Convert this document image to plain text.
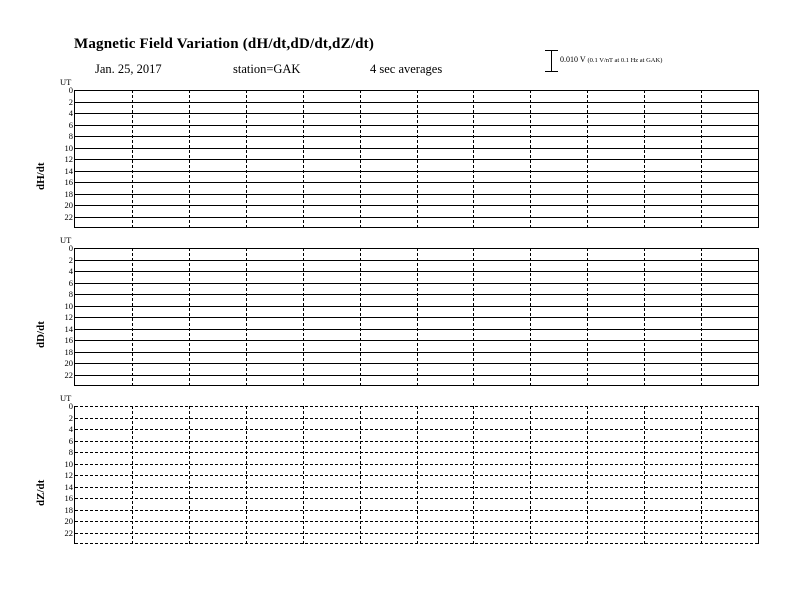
Magnetic Field Variation (dH/dt,dD/dt,dZ/dt)
Jan. 25, 2017	station=GAK	4 sec averages
0.010 V (0.1 V/nT at 0.1 Hz at GAK)
UT
dH/dt
0
2
4
6
8
10
12
14
16
18
20
22
UT
dD/dt
0
2
4
6
8
10
12
14
16
18
20
22
UT
dZ/dt
0
2
4
6
8
10
12
14
16
18
20
22
